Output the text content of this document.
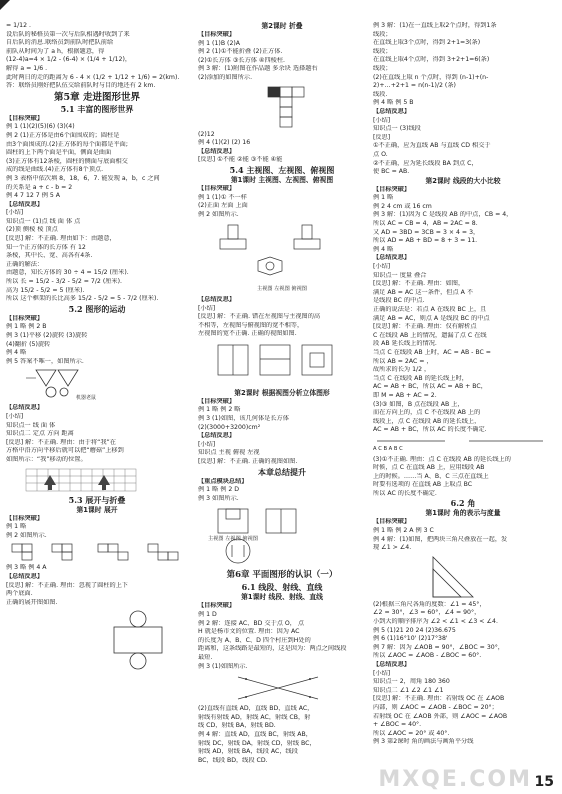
= 1/12 .
设后队的秘格员第一次与后队相遇时收到了来
自后队的消息.联络员到前队时把队前给
前队从时间为了 a h，根据题意，得
(12-4)a=4 × 1/2 - (6-4) × (1/4 + 1/12)，
解得 a = 1/6 .
此时两日的走的距离为 6 - 4 × (1/2 + 1/12 + 1/6) = 2(km).
答：联络员刚好把队伍交给前队时与目的地还有 2 km.
第5章 走进图形世界
5.1 丰富的图形世界
【目标突破】
例 1 (1)(2)(5)(6) (3)(4)
例 2 (1)正方体是由6个面围成的；圆柱是
由3个面围成的.(2)正方体的每个面都是平面;
圆柱的上下两个面是平面，侧面是曲面
(3)正方体有12条棱，圆柱的侧面与底面相交
成的线是曲线.(4)正方体有8个顶点.
例 3 表格中依次填 8，18，6，7. 能发现 a，b，c 之间
的关系是 a + c - b = 2
例 4 7 12 7 例 5 A
【总结反思】
[小结]
知识点一 (1)点 线 面 体 点
(2)顶 侧棱 棱 顶点
[反思] 解：不正确. 理由如下：由题意，
知一个正方体的长方体 有 12
条棱，其中长、宽、高各有4条.
正确的解法：
由题意，知长方体的 30 ÷ 4 = 15/2 (厘米).
所以 长 = 15/2 - 3/2 - 5/2 = 7/2 (厘米).
高为 15/2 - 5/2 = 5 (厘米).
所以 这个框架的长比高多 15/2 - 5/2 = 5 - 7/2 (厘米).
5.2 图形的运动
【目标突破】
例 1 略 例 2 B
例 3 (1)平移 (2)旋转 (3)旋转
(4)翻折 (5)旋转
例 4 略
例 5 答案不唯一，如图所示.
机器老鼠
【总结反思】
[小结]
知识点一 线 面 体
知识点二 定点 方向 距离
[反思] 解：不正确. 理由：由于将“我”在
方格中沿方向平移后就可以把“蘑菇”上移到
如图所示：“我”移动的位置。
5.3 展开与折叠
第1课时 展开
【目标突破】
例 1 略
例 2 如图所示.
例 3 略 例 4 A
【总结反思】
[反思] 解：不正确. 理由：忽视了圆柱的上下
两个底面.
正确的展开图如图.
第2课时 折叠
【目标突破】
例 1 (1)B (2)A
例 2 (1)①不能折叠 (2)正方体.
(2)①长方体 ③长方体 ④四棱柱.
例 3 解：(1)附图在作品题 多余块 选择题右
(2)添加的如图所示.
(2)12
例 4 (1)(2) (2) 16
【总结反思】
[反思] ①不能 ②能 ③不能 ④能
5.4 主视图、左视图、俯视图
第1课时 主视图、左视图、俯视图
【目标突破】
例 1 (1)① 不一样
(2)正面 左面 上面
例 2 如图所示.
主视图 左视图 俯视图
【总结反思】
[小结]
[反思] 解：不正确. 错在左视图与主视图的高
不相等，左视图与俯视图的宽不相等，
左视图的宽不正确. 正确的视图如图.
第2课时 根据视图分析立体图形
【目标突破】
例 1 略 例 2 略
例 3 (1)如图，该几何体是长方体
(2)(3000+3200)cm²
【总结反思】
[小结]
知识点 主视 俯视 左视
[反思] 解：不正确. 正确的视图如图.
本章总结提升
【重点模块总结】
例 1 略 例 2 D
例 3 如图所示.
主视图 左视图 俯视图
第6章 平面图形的认识（一）
6.1 线段、射线、直线
第1课时 线段、射线、直线
【目标突破】
例 1 D
例 2 解：连接 AC、BD 交于点 O， 点
H 就是杨市文的位置. 理由：因为 AC
的长度为 A、B、C、D 四个村庄到H处的
距离和，这条线路是最短的，这是因为：两点之间线段
最短.
例 3 (1)如图所示.
(2)直线有直线 AD，直线 BD，直线 AC，
射线有射线 AD，射线 AC，射线 CB，射
线 CD，射线 BA，射线 BD.
例 4 解：直线 AD，直线 BC，射线 AB，
射线 DC，射线 DA，射线 CD，射线 BC，
射线 AD，射线 BA，线段 AC，线段
BC，线段 BD，线段 CD.
例 3 解：(1)在一直线上取2个点时，得到1条
线段；
在直线上取3个点时，得到 2+1=3(条)
线段；
在直线上取4个点时，得到 3+2+1=6(条)
线段；
(2)在直线上取 n 个点时，得到 (n-1)+(n-
2)+…+2+1 = n(n-1)/2 (条)
线段.
例 4 略 例 5 B
【总结反思】
[小结]
知识点一 (3)线段
[反思]
①不正确，应为直线 AB 与直线 CD 相交于
点 O.
②不正确，应为延长线段 BA 到点 C，
使 BC = AB.
第2课时 线段的大小比较
【目标突破】
例 1 略
例 2 4 cm 或 16 cm
例 3 解：(1)因为 C 是线段 AB 的中点，CB = 4，
所以 AC = CB = 4，AB = 2AC = 8.
又 AD = 3BD = 3CB = 3 × 4 = 3，
所以 AD = AB + BD = 8 + 3 = 11.
例 4 略
【总结反思】
[小结]
知识点一 度量 叠合
[反思] 解：不正确. 理由：如图，
满足 AB = AC 这一条件，但点 A 不
是线段 BC 的中点.
正确的说法是：若点 A 在线段 BC 上，且
满足 AB = AC，则点 A 是线段 BC 的中点
[反思] 解：不正确. 理由：仅有解析点
C 在线段 AB 上的情况，遗漏了点 C 在线
段 AB 延长线上的情况.
当点 C 在线段 AB 上时，AC = AB - BC =
所以 AB = 2AC = ，
故所求的长为 1/2 ，
当点 C 在线段 AB 的延长线上时，
AC = AB + BC，所以 AC = AB + BC，
即 M = AB + AC = 2.
(3)③ 如图，B 点在线段 AB 上，
而在方向上的，点 C 不在线段 AB 上的
线段上，点 C 在线段 AB 的延长线上，
AC = AB + BC，所以 AC 的长度不确定.
A C B A B C
(3)①不正确. 理由：点 C 在线段 AB 的延长线上的
时候，点 C 在直线 AB 上，应用线段 AB
上的时候。……当 A、B、C 三点在直线上
时要有选项的 在直线 AB 上取点 BC
所以 AC 的长度不确定.
6.2 角
第1课时 角的表示与度量
【目标突破】
例 1 略 例 2 A 例 3 C
例 4 解：(1)如图，把两块三角尺叠放在一起，发
现 ∠1 > ∠4.
(2)根据三角尺各角的度数：∠1 = 45°，
∠2 = 30°，∠3 = 60°，∠4 = 90°，
小到大的顺序排序为 ∠2 < ∠1 < ∠3 < ∠4.
例 5 (1)21 20 24 (2)36.675
例 6 (1)16°10' (2)17°38'
例 7 解：因为 ∠AOB = 90°，∠BOC = 30°，
所以 ∠AOC = ∠AOB - ∠BOC = 60°.
【总结反思】
[小结]
知识点一 2，周角 180 360
知识点二 ∠1 ∠2 ∠1 ∠1
[反思] 解：不正确. 理由：若射线 OC 在 ∠AOB
内部，则 ∠AOC = ∠AOB - ∠BOC = 20°；
若射线 OC 在 ∠AOB 外部，则 ∠AOC = ∠AOB
+ ∠BOC = 40°.
所以 ∠AOC = 20° 或 40°.
例 3 第2课时 角的画法与画角平分线
MXQE.COM 15
